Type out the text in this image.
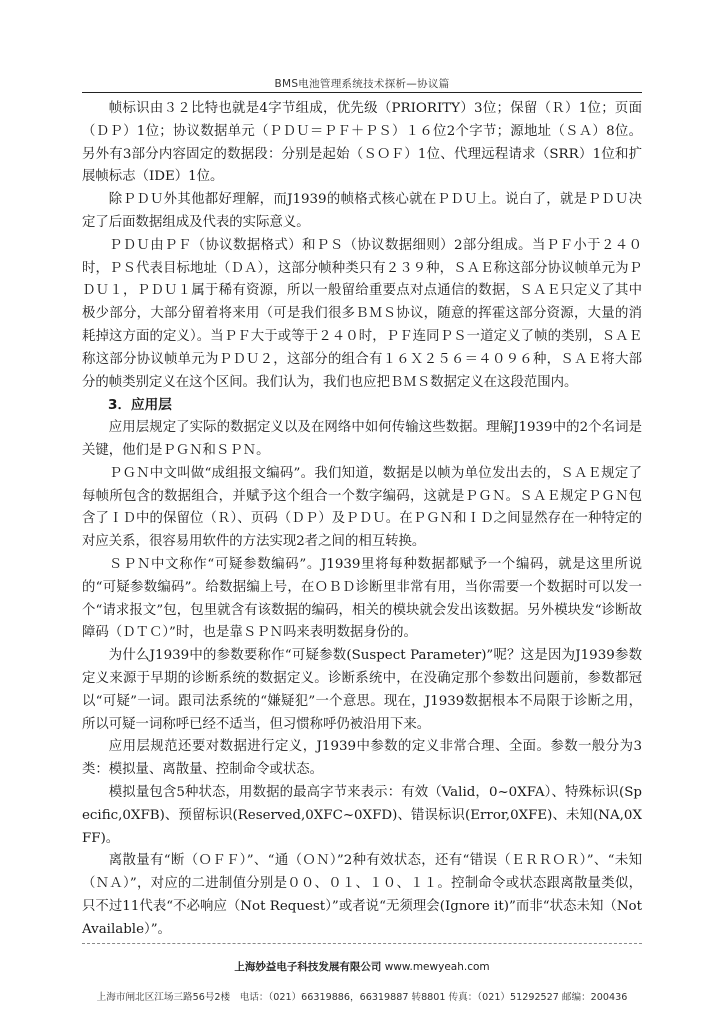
BMS电池管理系统技术探析—协议篇

帧标识由３２比特也就是4字节组成，优先级（PRIORITY）3位；保留（Ｒ）1位；页面（ＤＰ）1位；协议数据单元（ＰＤＵ＝ＰＦ＋ＰＳ）１６位2个字节；源地址（ＳＡ）8位。另外有3部分内容固定的数据段：分别是起始（ＳＯＦ）1位、代理远程请求（SRR）1位和扩展帧标志（IDE）1位。

除ＰＤＵ外其他都好理解，而J1939的帧格式核心就在ＰＤＵ上。说白了，就是ＰＤＵ决定了后面数据组成及代表的实际意义。

ＰＤＵ由ＰＦ（协议数据格式）和ＰＳ（协议数据细则）2部分组成。当ＰＦ小于２４０时，ＰＳ代表目标地址（ＤＡ），这部分帧种类只有２３９种，ＳＡＥ称这部分协议帧单元为ＰＤＵ１，ＰＤＵ１属于稀有资源，所以一般留给重要点对点通信的数据，ＳＡＥ只定义了其中极少部分，大部分留着将来用（可是我们很多ＢＭＳ协议，随意的挥霍这部分资源，大量的消耗掉这方面的定义）。当ＰＦ大于或等于２４０时，ＰＦ连同ＰＳ一道定义了帧的类别，ＳＡＥ称这部分协议帧单元为ＰＤＵ２，这部分的组合有１６Ｘ２５６＝４０９６种，ＳＡＥ将大部分的帧类别定义在这个区间。我们认为，我们也应把ＢＭＳ数据定义在这段范围内。

3．应用层

应用层规定了实际的数据定义以及在网络中如何传输这些数据。理解J1939中的2个名词是关键，他们是ＰＧＮ和ＳＰＮ。

ＰＧＮ中文叫做“成组报文编码”。我们知道，数据是以帧为单位发出去的，ＳＡＥ规定了每帧所包含的数据组合，并赋予这个组合一个数字编码，这就是ＰＧＮ。ＳＡＥ规定ＰＧＮ包含了ＩＤ中的保留位（Ｒ）、页码（ＤＰ）及ＰＤＵ。在ＰＧＮ和ＩＤ之间显然存在一种特定的对应关系，很容易用软件的方法实现2者之间的相互转换。

ＳＰＮ中文称作“可疑参数编码”。J1939里将每种数据都赋予一个编码，就是这里所说的“可疑参数编码”。给数据编上号，在ＯＢＤ诊断里非常有用，当你需要一个数据时可以发一个“请求报文”包，包里就含有该数据的编码，相关的模块就会发出该数据。另外模块发“诊断故障码（ＤＴＣ）”时，也是靠ＳＰＮ吗来表明数据身份的。

为什么J1939中的参数要称作“可疑参数(Suspect Parameter)”呢？这是因为J1939参数定义来源于早期的诊断系统的数据定义。诊断系统中，在没确定那个参数出问题前，参数都冠以“可疑”一词。跟司法系统的“嫌疑犯”一个意思。现在，J1939数据根本不局限于诊断之用，所以可疑一词称呼已经不适当，但习惯称呼仍被沿用下来。

应用层规范还要对数据进行定义，J1939中参数的定义非常合理、全面。参数一般分为3类：模拟量、离散量、控制命令或状态。

模拟量包含5种状态，用数据的最高字节来表示：有效（Valid，0~0XFA）、特殊标识(Specific,0XFB)、预留标识(Reserved,0XFC~0XFD)、错误标识(Error,0XFE)、未知(NA,0XFF)。

离散量有“断（ＯＦＦ）”、“通（ＯＮ）”2种有效状态，还有“错误（ＥＲＲＯＲ）”、“未知（ＮＡ）”，对应的二进制值分别是００、０１、１０、１１。控制命令或状态跟离散量类似，只不过11代表“不必响应（Not Request）”或者说“无须理会(Ignore it)”而非“状态未知（Not Available）”。

上海妙益电子科技发展有限公司 www.mewyeah.com
上海市闸北区江场三路56号2楼　电话：（021）66319886，66319887 转8801 传真：（021）51292527 邮编：200436
